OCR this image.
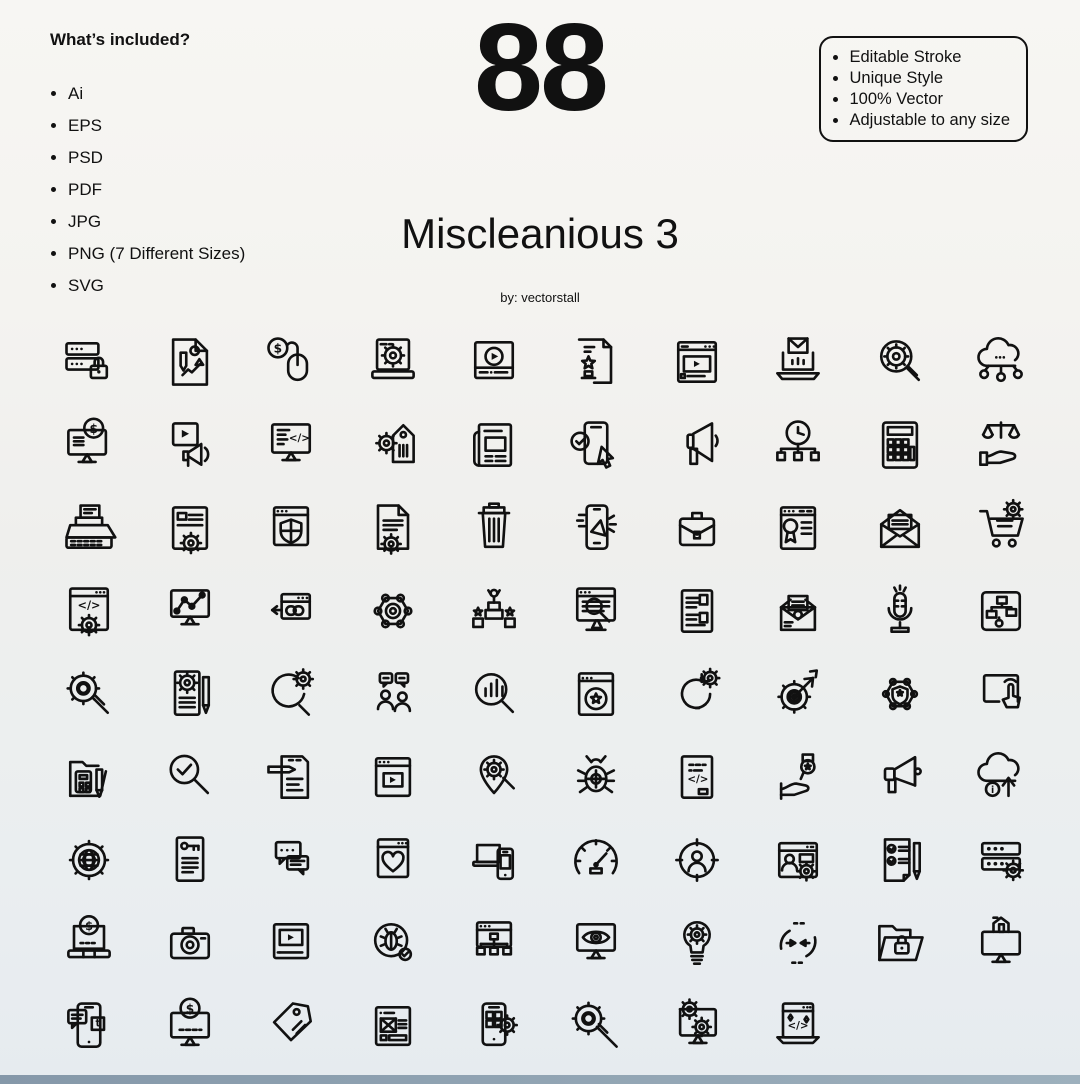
What’s included?
• Ai
• EPS
• PSD
• PDF
• JPG
• PNG (7 Different Sizes)
• SVG
88	• Editable Stroke
• Unique Style
• 100% Vector
• Adjustable to any size
Miscleanious 3
by: vectorstall
$
$
</>
</>
</>
i
$
t
$
</>
